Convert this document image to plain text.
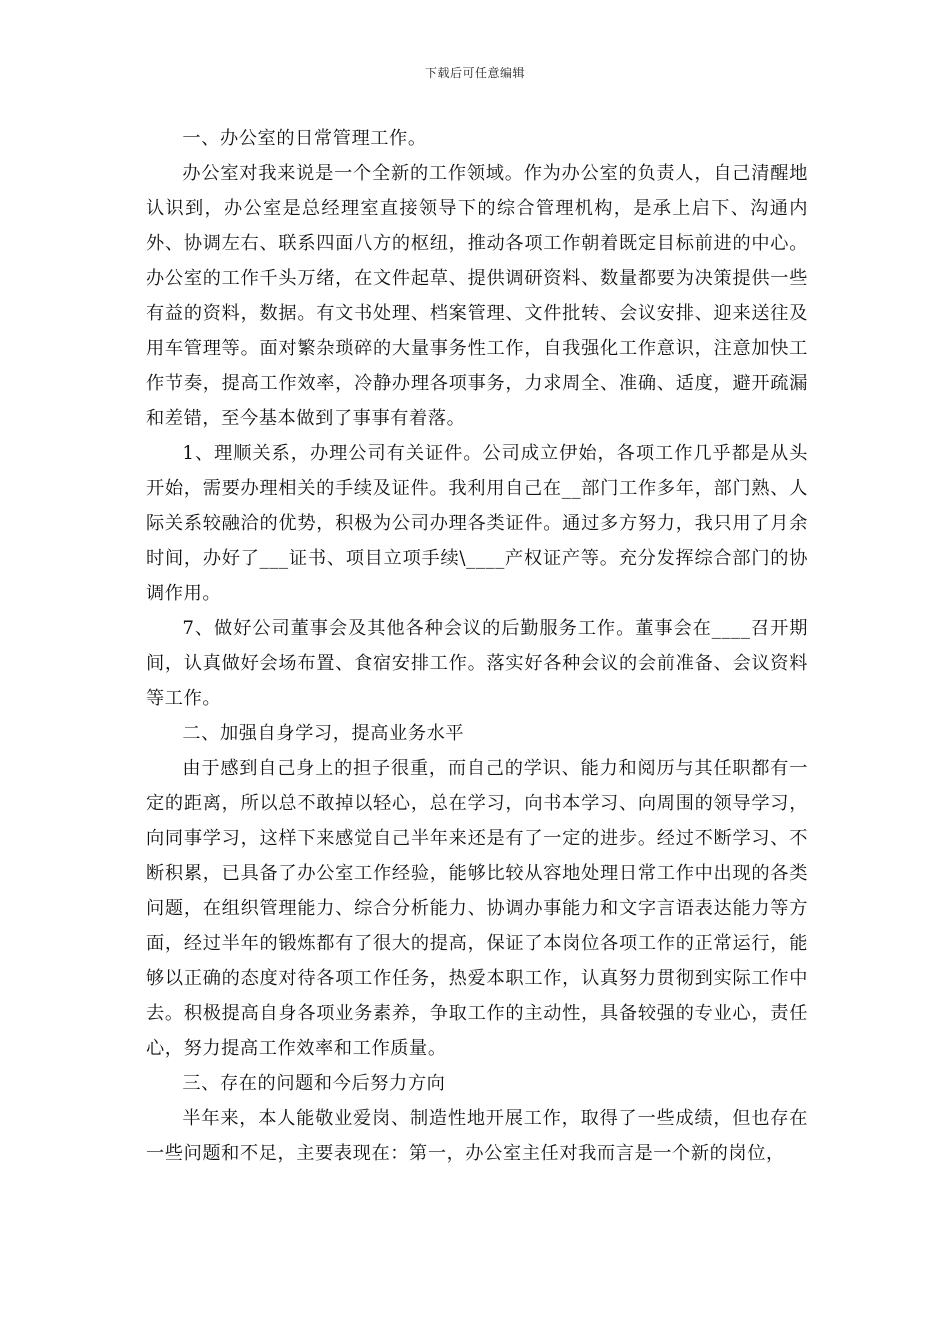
下载后可任意编辑

一、办公室的日常管理工作。

办公室对我来说是一个全新的工作领域。作为办公室的负责人，自己清醒地认识到，办公室是总经理室直接领导下的综合管理机构，是承上启下、沟通内外、协调左右、联系四面八方的枢纽，推动各项工作朝着既定目标前进的中心。办公室的工作千头万绪，在文件起草、提供调研资料、数量都要为决策提供一些有益的资料，数据。有文书处理、档案管理、文件批转、会议安排、迎来送往及用车管理等。面对繁杂琐碎的大量事务性工作，自我强化工作意识，注意加快工作节奏，提高工作效率，冷静办理各项事务，力求周全、准确、适度，避开疏漏和差错，至今基本做到了事事有着落。

1、理顺关系，办理公司有关证件。公司成立伊始，各项工作几乎都是从头开始，需要办理相关的手续及证件。我利用自己在__部门工作多年，部门熟、人际关系较融洽的优势，积极为公司办理各类证件。通过多方努力，我只用了月余时间，办好了___证书、项目立项手续\____产权证产等。充分发挥综合部门的协调作用。

7、做好公司董事会及其他各种会议的后勤服务工作。董事会在____召开期间，认真做好会场布置、食宿安排工作。落实好各种会议的会前准备、会议资料等工作。

二、加强自身学习，提高业务水平

由于感到自己身上的担子很重，而自己的学识、能力和阅历与其任职都有一定的距离，所以总不敢掉以轻心，总在学习，向书本学习、向周围的领导学习，向同事学习，这样下来感觉自己半年来还是有了一定的进步。经过不断学习、不断积累，已具备了办公室工作经验，能够比较从容地处理日常工作中出现的各类问题，在组织管理能力、综合分析能力、协调办事能力和文字言语表达能力等方面，经过半年的锻炼都有了很大的提高，保证了本岗位各项工作的正常运行，能够以正确的态度对待各项工作任务，热爱本职工作，认真努力贯彻到实际工作中去。积极提高自身各项业务素养，争取工作的主动性，具备较强的专业心，责任心，努力提高工作效率和工作质量。

三、存在的问题和今后努力方向

半年来，本人能敬业爱岗、制造性地开展工作，取得了一些成绩，但也存在一些问题和不足，主要表现在：第一，办公室主任对我而言是一个新的岗位，
